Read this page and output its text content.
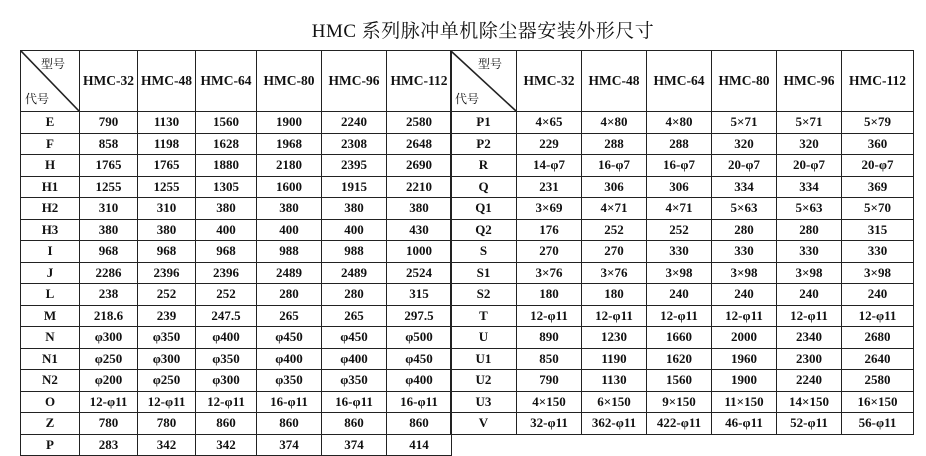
HMC 系列脉冲单机除尘器安装外形尺寸
型号
代号	HMC-32	HMC-48	HMC-64	HMC-80	HMC-96	HMC-112
E	790	1130	1560	1900	2240	2580
F	858	1198	1628	1968	2308	2648
H	1765	1765	1880	2180	2395	2690
H1	1255	1255	1305	1600	1915	2210
H2	310	310	380	380	380	380
H3	380	380	400	400	400	430
I	968	968	968	988	988	1000
J	2286	2396	2396	2489	2489	2524
L	238	252	252	280	280	315
M	218.6	239	247.5	265	265	297.5
N	φ300	φ350	φ400	φ450	φ450	φ500
N1	φ250	φ300	φ350	φ400	φ400	φ450
N2	φ200	φ250	φ300	φ350	φ350	φ400
O	12-φ11	12-φ11	12-φ11	16-φ11	16-φ11	16-φ11
Z	780	780	860	860	860	860
P	283	342	342	374	374	414
型号
代号	HMC-32	HMC-48	HMC-64	HMC-80	HMC-96	HMC-112
P1	4×65	4×80	4×80	5×71	5×71	5×79
P2	229	288	288	320	320	360
R	14-φ7	16-φ7	16-φ7	20-φ7	20-φ7	20-φ7
Q	231	306	306	334	334	369
Q1	3×69	4×71	4×71	5×63	5×63	5×70
Q2	176	252	252	280	280	315
S	270	270	330	330	330	330
S1	3×76	3×76	3×98	3×98	3×98	3×98
S2	180	180	240	240	240	240
T	12-φ11	12-φ11	12-φ11	12-φ11	12-φ11	12-φ11
U	890	1230	1660	2000	2340	2680
U1	850	1190	1620	1960	2300	2640
U2	790	1130	1560	1900	2240	2580
U3	4×150	6×150	9×150	11×150	14×150	16×150
V	32-φ11	362-φ11	422-φ11	46-φ11	52-φ11	56-φ11
